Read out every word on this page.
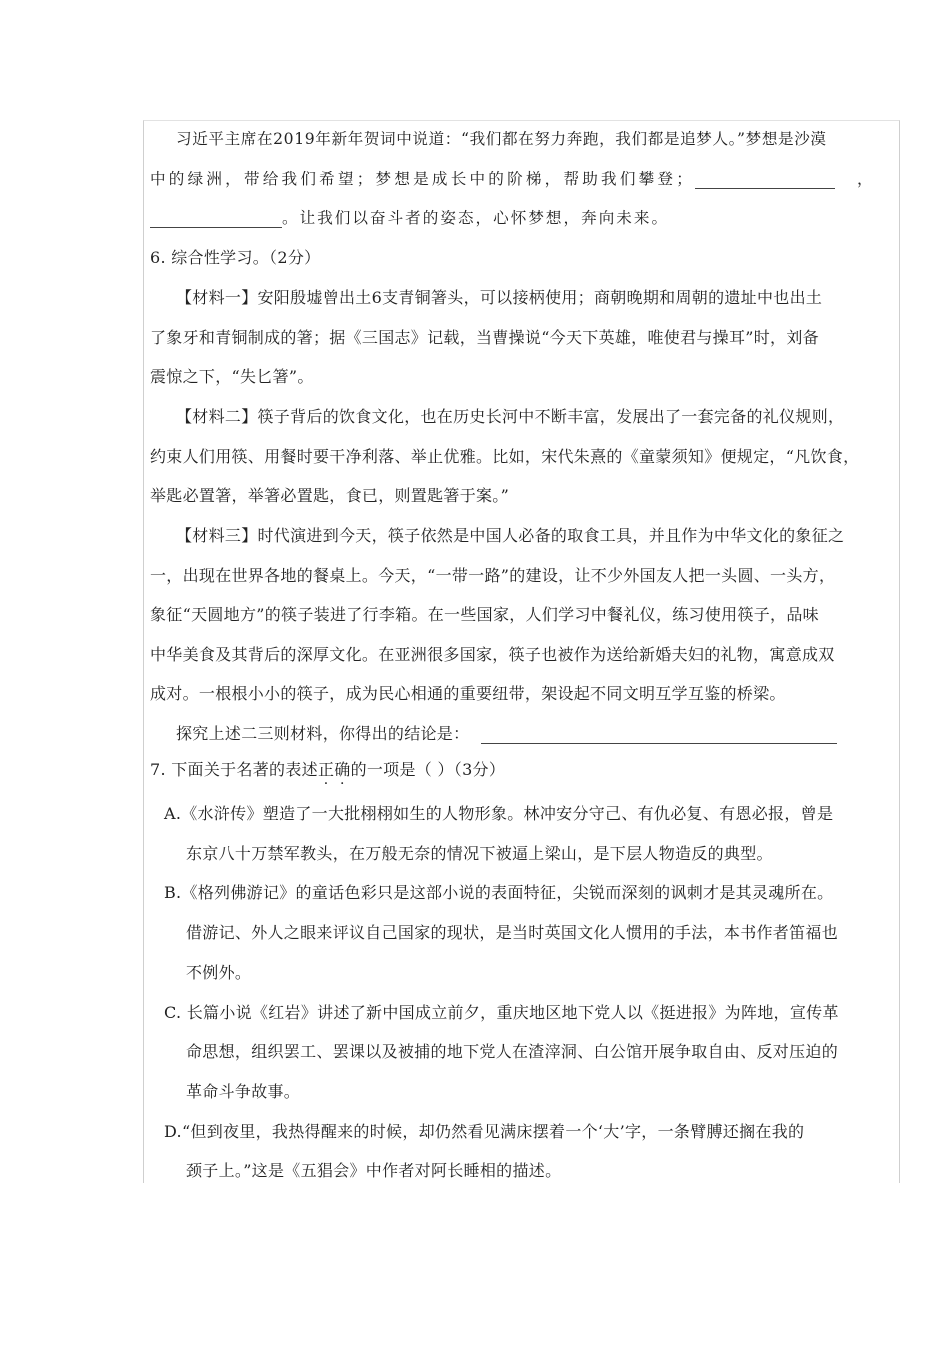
习近平主席在2019年新年贺词中说道：“我们都在努力奔跑，我们都是追梦人。”梦想是沙漠
中的绿洲，带给我们希望；梦想是成长中的阶梯，帮助我们攀登；	，
。让我们以奋斗者的姿态，心怀梦想，奔向未来。
6. 综合性学习。（2分）
【材料一】安阳殷墟曾出土6支青铜箸头，可以接柄使用；商朝晚期和周朝的遗址中也出土
了象牙和青铜制成的箸；据《三国志》记载，当曹操说“今天下英雄，唯使君与操耳”时，刘备
震惊之下，“失匕箸”。
【材料二】筷子背后的饮食文化，也在历史长河中不断丰富，发展出了一套完备的礼仪规则，
约束人们用筷、用餐时要干净利落、举止优雅。比如，宋代朱熹的《童蒙须知》便规定，“凡饮食，
举匙必置箸，举箸必置匙，食已，则置匙箸于案。”
【材料三】时代演进到今天，筷子依然是中国人必备的取食工具，并且作为中华文化的象征之
一，出现在世界各地的餐桌上。今天，“一带一路”的建设，让不少外国友人把一头圆、一头方，
象征“天圆地方”的筷子装进了行李箱。在一些国家，人们学习中餐礼仪，练习使用筷子，品味
中华美食及其背后的深厚文化。在亚洲很多国家，筷子也被作为送给新婚夫妇的礼物，寓意成双
成对。一根根小小的筷子，成为民心相通的重要纽带，架设起不同文明互学互鉴的桥梁。
探究上述二三则材料，你得出的结论是：
7. 下面关于名著的表述正确的一项是（ ）（3分）
A.《水浒传》塑造了一大批栩栩如生的人物形象。林冲安分守己、有仇必复、有恩必报，曾是
东京八十万禁军教头，在万般无奈的情况下被逼上梁山，是下层人物造反的典型。
B.《格列佛游记》的童话色彩只是这部小说的表面特征，尖锐而深刻的讽刺才是其灵魂所在。
借游记、外人之眼来评议自己国家的现状，是当时英国文化人惯用的手法，本书作者笛福也
不例外。
C. 长篇小说《红岩》讲述了新中国成立前夕，重庆地区地下党人以《挺进报》为阵地，宣传革
命思想，组织罢工、罢课以及被捕的地下党人在渣滓洞、白公馆开展争取自由、反对压迫的
革命斗争故事。
D.“但到夜里，我热得醒来的时候，却仍然看见满床摆着一个‘大’字，一条臂膊还搁在我的
颈子上。”这是《五猖会》中作者对阿长睡相的描述。
